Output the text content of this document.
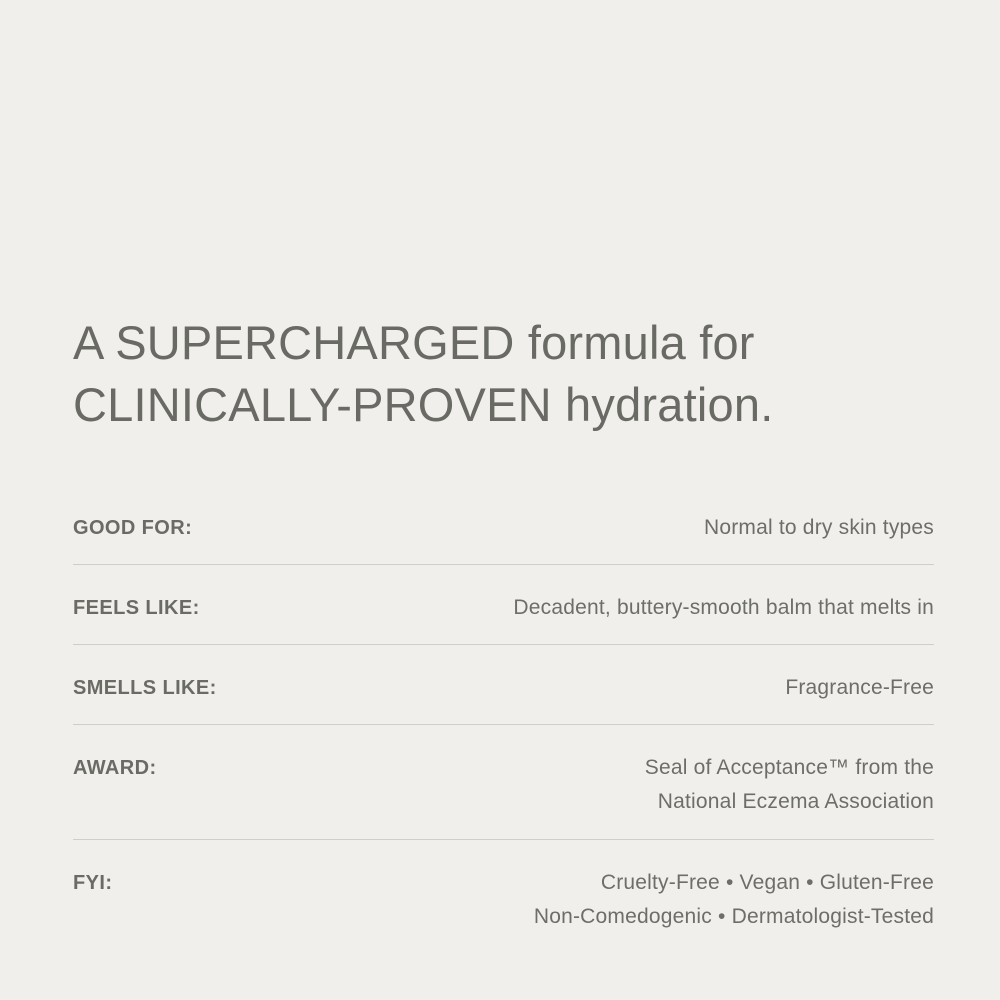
A SUPERCHARGED formula for
CLINICALLY-PROVEN hydration.
GOOD FOR:	Normal to dry skin types
FEELS LIKE:	Decadent, buttery-smooth balm that melts in
SMELLS LIKE:	Fragrance-Free
AWARD:	Seal of Acceptance™ from the
National Eczema Association
FYI:	Cruelty-Free • Vegan • Gluten-Free
Non-Comedogenic • Dermatologist-Tested
